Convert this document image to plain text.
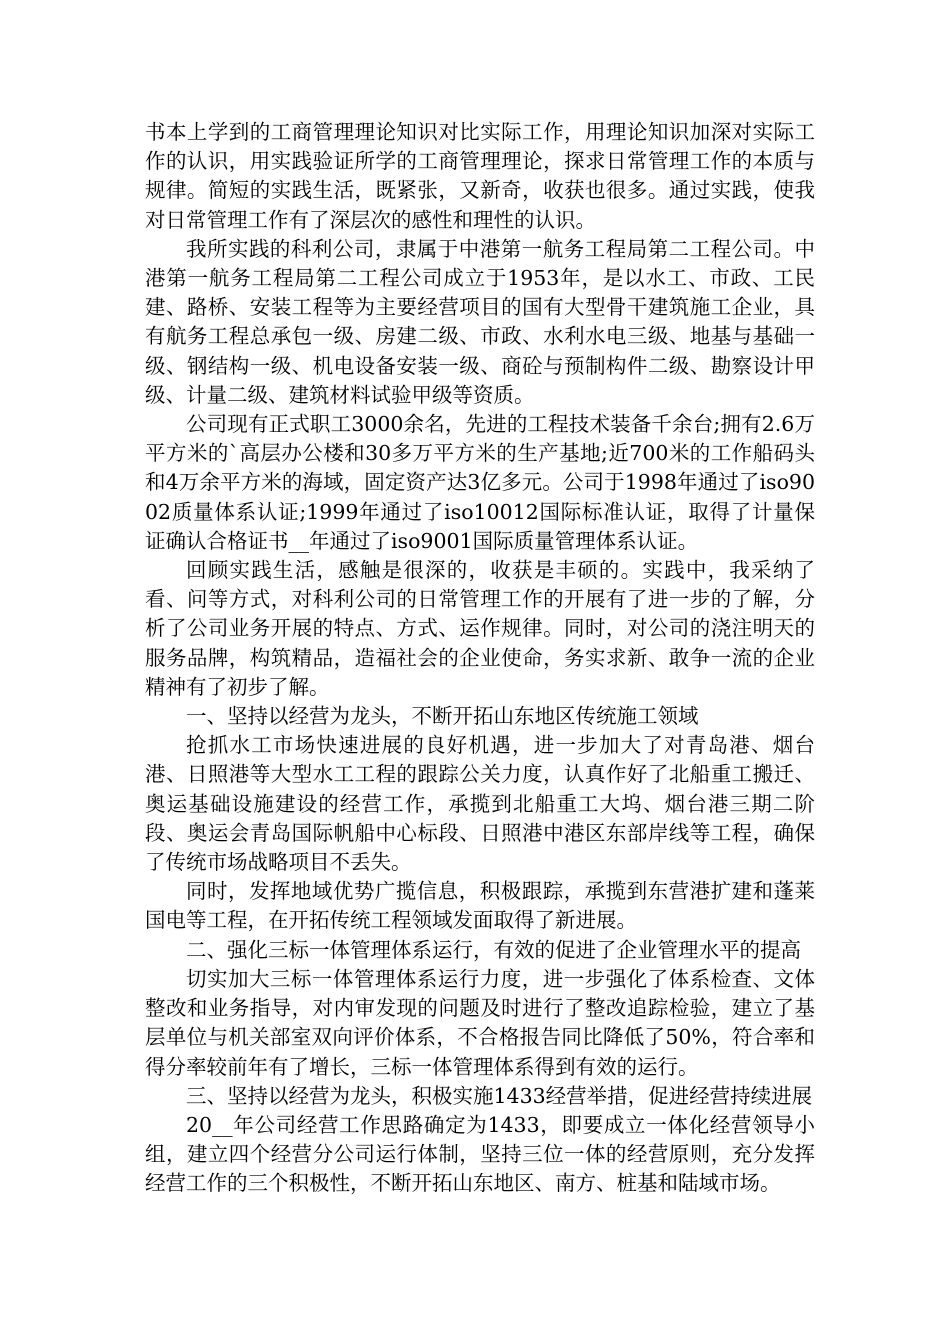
书本上学到的工商管理理论知识对比实际工作，用理论知识加深对实际工作的认识，用实践验证所学的工商管理理论，探求日常管理工作的本质与规律。简短的实践生活，既紧张，又新奇，收获也很多。通过实践，使我对日常管理工作有了深层次的感性和理性的认识。

我所实践的科利公司，隶属于中港第一航务工程局第二工程公司。中港第一航务工程局第二工程公司成立于1953年，是以水工、市政、工民建、路桥、安装工程等为主要经营项目的国有大型骨干建筑施工企业，具有航务工程总承包一级、房建二级、市政、水利水电三级、地基与基础一级、钢结构一级、机电设备安装一级、商砼与预制构件二级、勘察设计甲级、计量二级、建筑材料试验甲级等资质。

公司现有正式职工3000余名，先进的工程技术装备千余台;拥有2.6万平方米的`高层办公楼和30多万平方米的生产基地;近700米的工作船码头和4万余平方米的海域，固定资产达3亿多元。公司于1998年通过了iso9002质量体系认证;1999年通过了iso10012国际标准认证，取得了计量保证确认合格证书__年通过了iso9001国际质量管理体系认证。

回顾实践生活，感触是很深的，收获是丰硕的。实践中，我采纳了看、问等方式，对科利公司的日常管理工作的开展有了进一步的了解，分析了公司业务开展的特点、方式、运作规律。同时，对公司的浇注明天的服务品牌，构筑精品，造福社会的企业使命，务实求新、敢争一流的企业精神有了初步了解。

一、坚持以经营为龙头，不断开拓山东地区传统施工领域

抢抓水工市场快速进展的良好机遇，进一步加大了对青岛港、烟台港、日照港等大型水工工程的跟踪公关力度，认真作好了北船重工搬迁、奥运基础设施建设的经营工作，承揽到北船重工大坞、烟台港三期二阶段、奥运会青岛国际帆船中心标段、日照港中港区东部岸线等工程，确保了传统市场战略项目不丢失。

同时，发挥地域优势广揽信息，积极跟踪，承揽到东营港扩建和蓬莱国电等工程，在开拓传统工程领域发面取得了新进展。

二、强化三标一体管理体系运行，有效的促进了企业管理水平的提高

切实加大三标一体管理体系运行力度，进一步强化了体系检查、文体整改和业务指导，对内审发现的问题及时进行了整改追踪检验，建立了基层单位与机关部室双向评价体系，不合格报告同比降低了50%，符合率和得分率较前年有了增长，三标一体管理体系得到有效的运行。

三、坚持以经营为龙头，积极实施1433经营举措，促进经营持续进展

20__年公司经营工作思路确定为1433，即要成立一体化经营领导小组，建立四个经营分公司运行体制，坚持三位一体的经营原则，充分发挥经营工作的三个积极性，不断开拓山东地区、南方、桩基和陆域市场。
